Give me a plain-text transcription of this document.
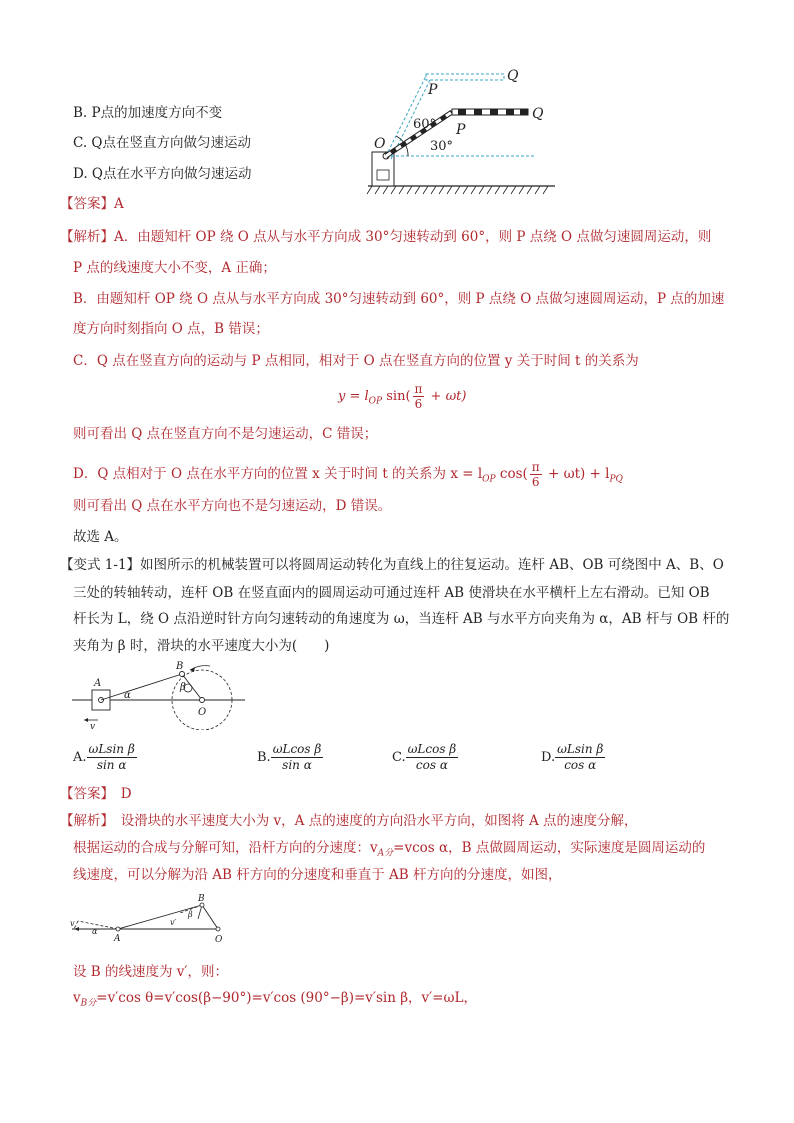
B. P点的加速度方向不变
C. Q点在竖直方向做匀速运动
D. Q点在水平方向做匀速运动
Q
P
Q
P
O
60°
30°
【答案】A
【解析】A．由题知杆 OP 绕 O 点从与水平方向成 30°匀速转动到 60°，则 P 点绕 O 点做匀速圆周运动，则
P 点的线速度大小不变，A 正确；
B．由题知杆 OP 绕 O 点从与水平方向成 30°匀速转动到 60°，则 P 点绕 O 点做匀速圆周运动，P 点的加速
度方向时刻指向 O 点，B 错误；
C．Q 点在竖直方向的运动与 P 点相同，相对于 O 点在竖直方向的位置 y 关于时间 t 的关系为
$y = l_{OP}$ $\sin( \frac{\pi}{6} + \omega t)$
则可看出 Q 点在竖直方向不是匀速运动，C 错误；
D．Q 点相对于 O 点在水平方向的位置 x 关于时间 t 的关系为 $x = l_{OP}$ $\cos( \frac{\pi}{6} + \omega t) + l_{PQ}$
则可看出 Q 点在水平方向也不是匀速运动，D 错误。
故选 A。
【变式 1-1】如图所示的机械装置可以将圆周运动转化为直线上的往复运动。连杆 AB、OB 可绕图中 A、B、O
三处的转轴转动，连杆 OB 在竖直面内的圆周运动可通过连杆 AB 使滑块在水平横杆上左右滑动。已知 OB
杆长为 L，绕 O 点沿逆时针方向匀速转动的角速度为 ω，当连杆 AB 与水平方向夹角为 α，AB 杆与 OB 杆的
夹角为 β 时，滑块的水平速度大小为(　　)
A
B
O
α
β
v
A. $\frac{\text{ωLsin β}}{\text{sin α}}$	B. $\frac{\text{ωLcos β}}{\text{sin α}}$	C. $\frac{\text{ωLcos β}}{\text{cos α}}$	D. $\frac{\text{ωLsin β}}{\text{cos α}}$
【答案】　D
【解析】　设滑块的水平速度大小为 v，A 点的速度的方向沿水平方向，如图将 A 点的速度分解，
根据运动的合成与分解可知，沿杆方向的分速度：$v_{A分}=vcos$ α，B 点做圆周运动，实际速度是圆周运动的
线速度，可以分解为沿 AB 杆方向的分速度和垂直于 AB 杆方向的分速度，如图，
v
α
A
B
O
β
v′
设 B 的线速度为 v′，则：
$v_{B分}=v'\cos$ θ=v′cos(β−90°)=v′cos (90°−β)=v′sin β，v′=ωL，
